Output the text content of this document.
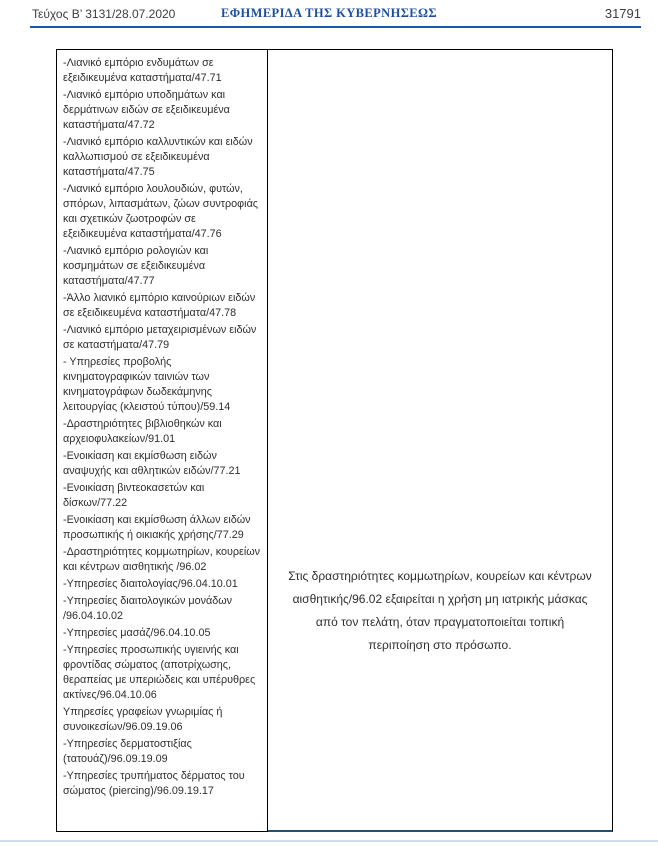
Τεύχος Β’ 3131/28.07.2020	ΕΦΗΜΕΡΙΔΑ ΤΗΣ ΚΥΒΕΡΝΗΣΕΩΣ	31791

-Λιανικό εμπόριο ενδυμάτων σε εξειδικευμένα καταστήματα/47.71

-Λιανικό εμπόριο υποδημάτων και δερμάτινων ειδών σε εξειδικευμένα καταστήματα/47.72

-Λιανικό εμπόριο καλλυντικών και ειδών καλλωπισμού σε εξειδικευμένα καταστήματα/47.75

-Λιανικό εμπόριο λουλουδιών, φυτών, σπόρων, λιπασμάτων, ζώων συντροφιάς και σχετικών ζωοτροφών σε εξειδικευμένα καταστήματα/47.76

-Λιανικό εμπόριο ρολογιών και κοσμημάτων σε εξειδικευμένα καταστήματα/47.77

-Άλλο λιανικό εμπόριο καινούριων ειδών σε εξειδικευμένα καταστήματα/47.78

-Λιανικό εμπόριο μεταχειρισμένων ειδών σε καταστήματα/47.79

- Υπηρεσίες προβολής κινηματογραφικών ταινιών των κινηματογράφων δωδεκάμηνης λειτουργίας (κλειστού τύπου)/59.14

-Δραστηριότητες βιβλιοθηκών και αρχειοφυλακείων/91.01

-Ενοικίαση και εκμίσθωση ειδών αναψυχής και αθλητικών ειδών/77.21

-Ενοικίαση βιντεοκασετών και δίσκων/77.22

-Ενοικίαση και εκμίσθωση άλλων ειδών προσωπικής ή οικιακής χρήσης/77.29

-Δραστηριότητες κομμωτηρίων, κουρείων και κέντρων αισθητικής /96.02

-Υπηρεσίες διαιτολογίας/96.04.10.01

-Υπηρεσίες διαιτολογικών μονάδων /96.04.10.02

-Υπηρεσίες μασάζ/96.04.10.05

-Υπηρεσίες προσωπικής υγιεινής και φροντίδας σώματος (αποτρίχωσης, θεραπείας με υπεριώδεις και υπέρυθρες ακτίνες/96.04.10.06

Υπηρεσίες γραφείων γνωριμίας ή συνοικεσίων/96.09.19.06

-Υπηρεσίες δερματοστιξίας (τατουάζ)/96.09.19.09

-Υπηρεσίες τρυπήματος δέρματος του σώματος (piercing)/96.09.19.17

Στις δραστηριότητες κομμωτηρίων, κουρείων και κέντρων αισθητικής/96.02 εξαιρείται η χρήση μη ιατρικής μάσκας από τον πελάτη, όταν πραγματοποιείται τοπική περιποίηση στο πρόσωπο.
